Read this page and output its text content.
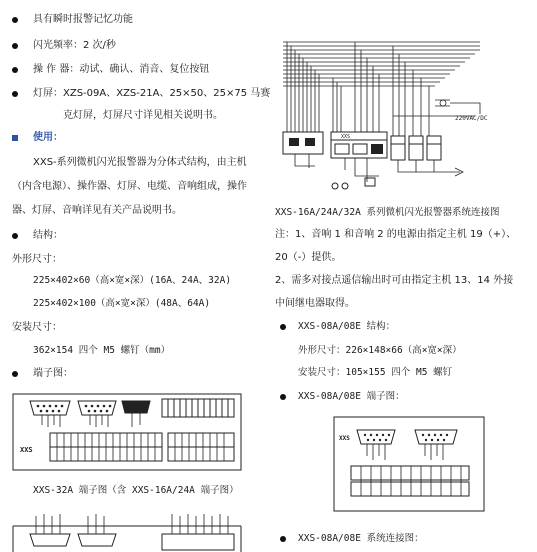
具有瞬时报警记忆功能
闪光频率：2 次/秒
操 作 器：动试、确认、消音、复位按钮
灯屏：XZS-09A、XZS-21A、25×50、25×75 马赛
克灯屏，灯屏尺寸详见相关说明书。
使用：
XXS-系列微机闪光报警器为分体式结构，由主机
（内含电源）、操作器、灯屏、电缆、音响组成，操作
器、灯屏、音响详见有关产品说明书。
结构：
外形尺寸：
225×402×60（高×宽×深）(16A、24A、32A)
225×402×100（高×宽×深）(48A、64A)
安装尺寸：
362×154 四个 M5 螺钉（mm）
端子图：
XXS
XXS-32A 端子图（含 XXS-16A/24A 端子图）
220VAC/DC
XXS
XXS-16A/24A/32A 系列微机闪光报警器系统连接图
注：1、音响 1 和音响 2 的电源由指定主机 19（+）、
20（-）提供。
2、需多对接点遥信输出时可由指定主机 13、14 外接
中间继电器取得。
XXS-08A/08E 结构：
外形尺寸：226×148×66（高×宽×深）
安装尺寸：105×155 四个 M5 螺钉
XXS-08A/08E 端子图：
XXS
XXS-08A/08E 系统连接图：
